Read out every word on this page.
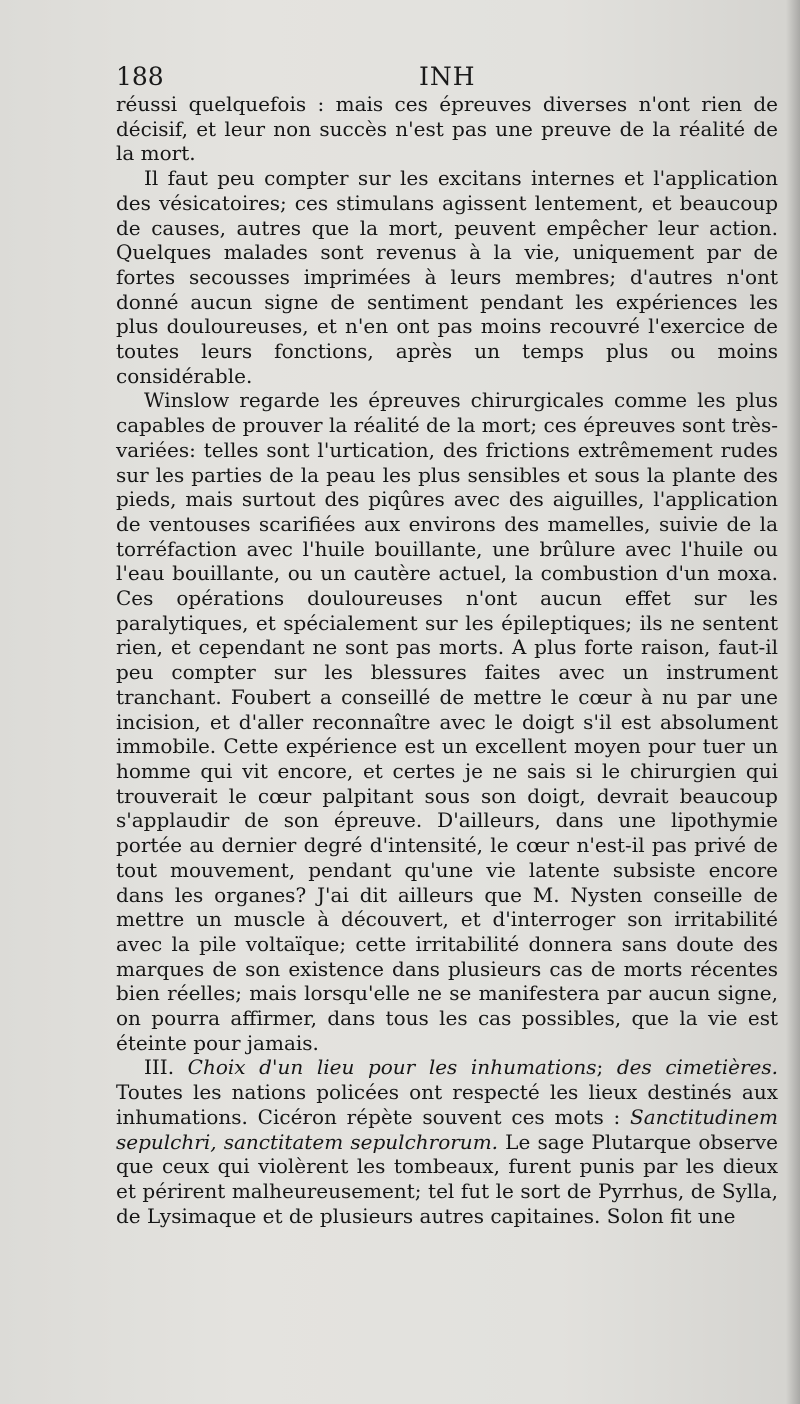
188	INH

réussi quelquefois : mais ces épreuves diverses n'ont rien de décisif, et leur non succès n'est pas une preuve de la réalité de la mort.

Il faut peu compter sur les excitans internes et l'application des vésicatoires; ces stimulans agissent lentement, et beaucoup de causes, autres que la mort, peuvent empêcher leur action. Quelques malades sont revenus à la vie, uniquement par de fortes secousses imprimées à leurs membres; d'autres n'ont donné aucun signe de sentiment pendant les expériences les plus douloureuses, et n'en ont pas moins recouvré l'exercice de toutes leurs fonctions, après un temps plus ou moins considérable.

Winslow regarde les épreuves chirurgicales comme les plus capables de prouver la réalité de la mort; ces épreuves sont très-variées: telles sont l'urtication, des frictions extrêmement rudes sur les parties de la peau les plus sensibles et sous la plante des pieds, mais surtout des piqûres avec des aiguilles, l'application de ventouses scarifiées aux environs des mamelles, suivie de la torréfaction avec l'huile bouillante, une brûlure avec l'huile ou l'eau bouillante, ou un cautère actuel, la combustion d'un moxa. Ces opérations douloureuses n'ont aucun effet sur les paralytiques, et spécialement sur les épileptiques; ils ne sentent rien, et cependant ne sont pas morts. A plus forte raison, faut-il peu compter sur les blessures faites avec un instrument tranchant. Foubert a conseillé de mettre le cœur à nu par une incision, et d'aller reconnaître avec le doigt s'il est absolument immobile. Cette expérience est un excellent moyen pour tuer un homme qui vit encore, et certes je ne sais si le chirurgien qui trouverait le cœur palpitant sous son doigt, devrait beaucoup s'applaudir de son épreuve. D'ailleurs, dans une lipothymie portée au dernier degré d'intensité, le cœur n'est-il pas privé de tout mouvement, pendant qu'une vie latente subsiste encore dans les organes? J'ai dit ailleurs que M. Nysten conseille de mettre un muscle à découvert, et d'interroger son irritabilité avec la pile voltaïque; cette irritabilité donnera sans doute des marques de son existence dans plusieurs cas de morts récentes bien réelles; mais lorsqu'elle ne se manifestera par aucun signe, on pourra affirmer, dans tous les cas possibles, que la vie est éteinte pour jamais.

III. Choix d'un lieu pour les inhumations; des cimetières. Toutes les nations policées ont respecté les lieux destinés aux inhumations. Cicéron répète souvent ces mots : Sanctitudinem sepulchri, sanctitatem sepulchrorum. Le sage Plutarque observe que ceux qui violèrent les tombeaux, furent punis par les dieux et périrent malheureusement; tel fut le sort de Pyrrhus, de Sylla, de Lysimaque et de plusieurs autres capitaines. Solon fit une
